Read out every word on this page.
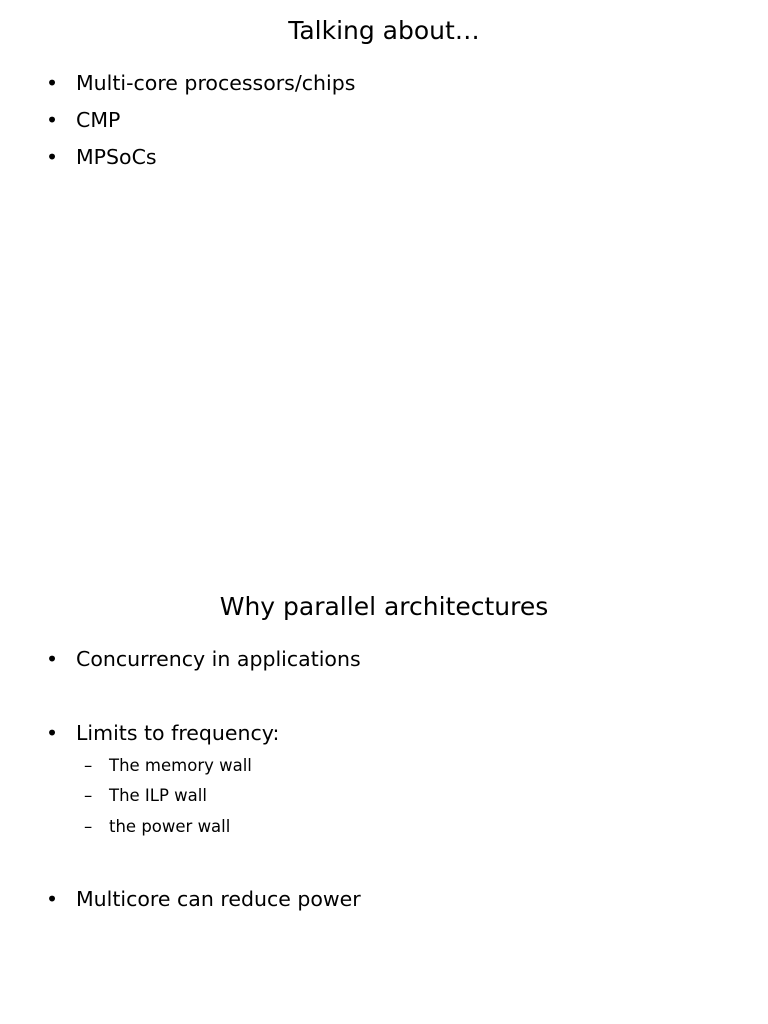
Talking about…
• Multi-core processors/chips
• CMP
• MPSoCs
Why parallel architectures
• Concurrency in applications
• Limits to frequency:
– The memory wall
– The ILP wall
– the power wall
• Multicore can reduce power
